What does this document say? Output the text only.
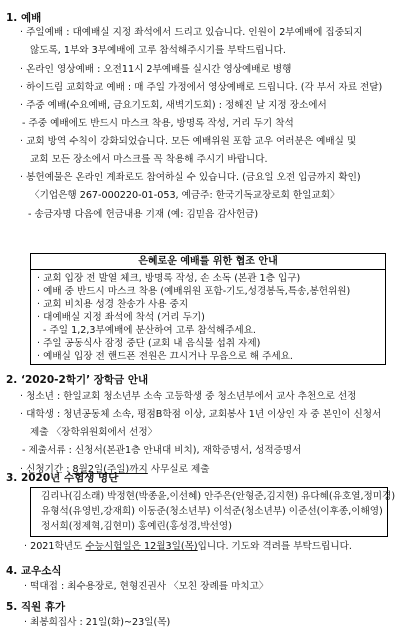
1. 예배
· 주일예배 : 대예배실 지정 좌석에서 드리고 있습니다. 인원이 2부예배에 집중되지
않도록, 1부와 3부예배에 고루 참석해주시기를 부탁드립니다.
· 온라인 영상예배 : 오전11시 2부예배를 실시간 영상예배로 병행
· 하이드림 교회학교 예배 : 매 주일 가정에서 영상예배로 드립니다. (각 부서 자료 전달)
· 주중 예배(수요예배, 금요기도회, 새벽기도회) : 정해진 날 지정 장소에서
- 주중 예배에도 반드시 마스크 착용, 방명록 작성, 거리 두기 착석
· 교회 방역 수칙이 강화되었습니다. 모든 예배위원 포함 교우 여러분은 예배실 및
교회 모든 장소에서 마스크를 꼭 착용해 주시기 바랍니다.
· 봉헌예물은 온라인 계좌로도 참여하실 수 있습니다. (금요일 오전 입금까지 확인)
〈기업은행 267-000220-01-053, 예금주: 한국기독교장로회 한일교회〉
- 송금자명 다음에 헌금내용 기재 (예: 김믿음 감사헌금)
은혜로운 예배를 위한 협조 안내
· 교회 입장 전 발열 체크, 방명록 작성, 손 소독 (본관 1층 입구)
· 예배 중 반드시 마스크 착용 (예배위원 포함-기도,성경봉독,특송,봉헌위원)
· 교회 비치용 성경 찬송가 사용 중지
· 대예배실 지정 좌석에 착석 (거리 두기)
- 주일 1,2,3부예배에 분산하여 고루 참석해주세요.
· 주일 공동식사 잠정 중단 (교회 내 음식물 섭취 자제)
· 예배실 입장 전 핸드폰 전원은 끄시거나 무음으로 해 주세요.
2. ‘2020-2학기’ 장학금 안내
· 청소년 : 한일교회 청소년부 소속 고등학생 중 청소년부에서 교사 추천으로 선정
· 대학생 : 청년공동체 소속, 평점B학점 이상, 교회봉사 1년 이상인 자 중 본인이 신청서
제출 〈장학위원회에서 선정〉
- 제출서류 : 신청서(본관1층 안내대 비치), 재학증명서, 성적증명서
· 신청기간 : 8월2일(주일)까지 사무실로 제출
3. 2020년 수험생 명단
김리나(김소래) 박정현(박종윤,이선혜) 안주은(안형준,김지현) 유다혜(유호열,정미경)
유형석(유영빈,강재희) 이동준(청소년부) 이석준(청소년부) 이준선(이후종,이해영)
정서희(정제혁,김현미) 홍예린(홍성경,박선영)
· 2021학년도 수능시험일은 12월3일(목)입니다. 기도와 격려를 부탁드립니다.
4. 교우소식
· 떡대접 : 최수용장로, 현형진권사 〈모친 장례를 마치고〉
5. 직원 휴가
· 최봉희집사 : 21일(화)~23일(목)
